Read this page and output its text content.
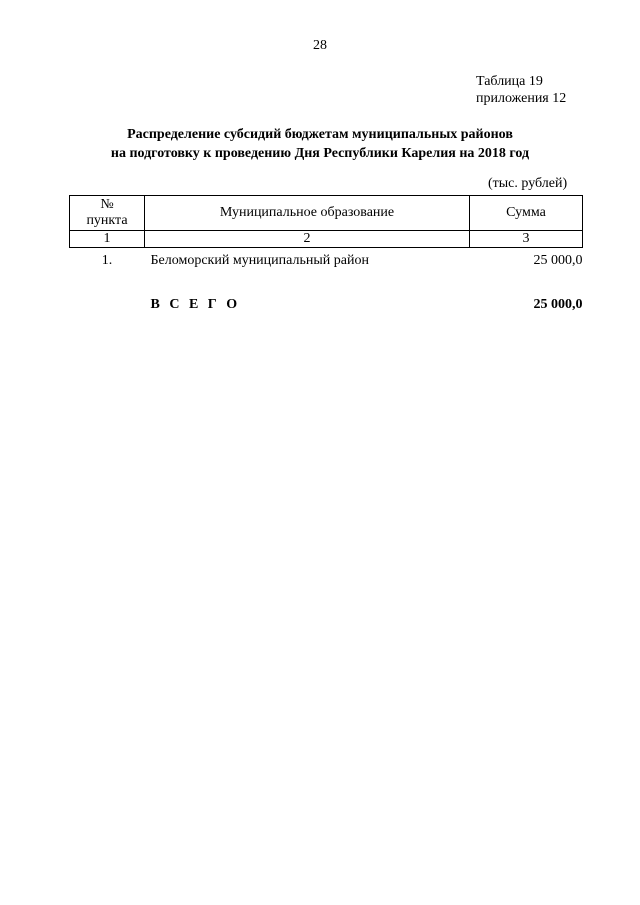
28
Таблица 19
приложения 12
Распределение субсидий бюджетам муниципальных районов
на подготовку к проведению Дня Республики Карелия на 2018 год
(тыс. рублей)
№
пункта	Муниципальное образование	Сумма
1	2	3
1.	Беломорский муниципальный район	25 000,0
	В С Е Г О	25 000,0
